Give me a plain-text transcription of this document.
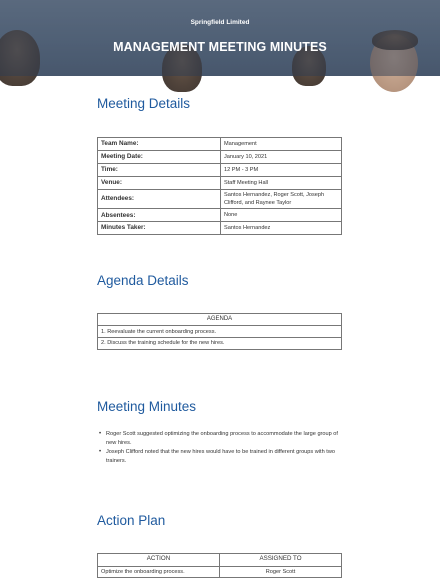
Springfield Limited
MANAGEMENT MEETING MINUTES
Meeting Details
Team Name:	Management
Meeting Date:	January 10, 2021
Time:	12 PM - 3 PM
Venue:	Staff Meeting Hall
Attendees:	Santos Hernandez, Roger Scott, Joseph Clifford, and Raynee Taylor
Absentees:	None
Minutes Taker:	Santos Hernandez
Agenda Details
AGENDA
1. Reevaluate the current onboarding process.
2. Discuss the training schedule for the new hires.
Meeting Minutes
• Roger Scott suggested optimizing the onboarding process to accommodate the large group of new hires.
• Joseph Clifford noted that the new hires would have to be trained in different groups with two trainers.
Action Plan
ACTION	ASSIGNED TO
Optimize the onboarding process.	Roger Scott
